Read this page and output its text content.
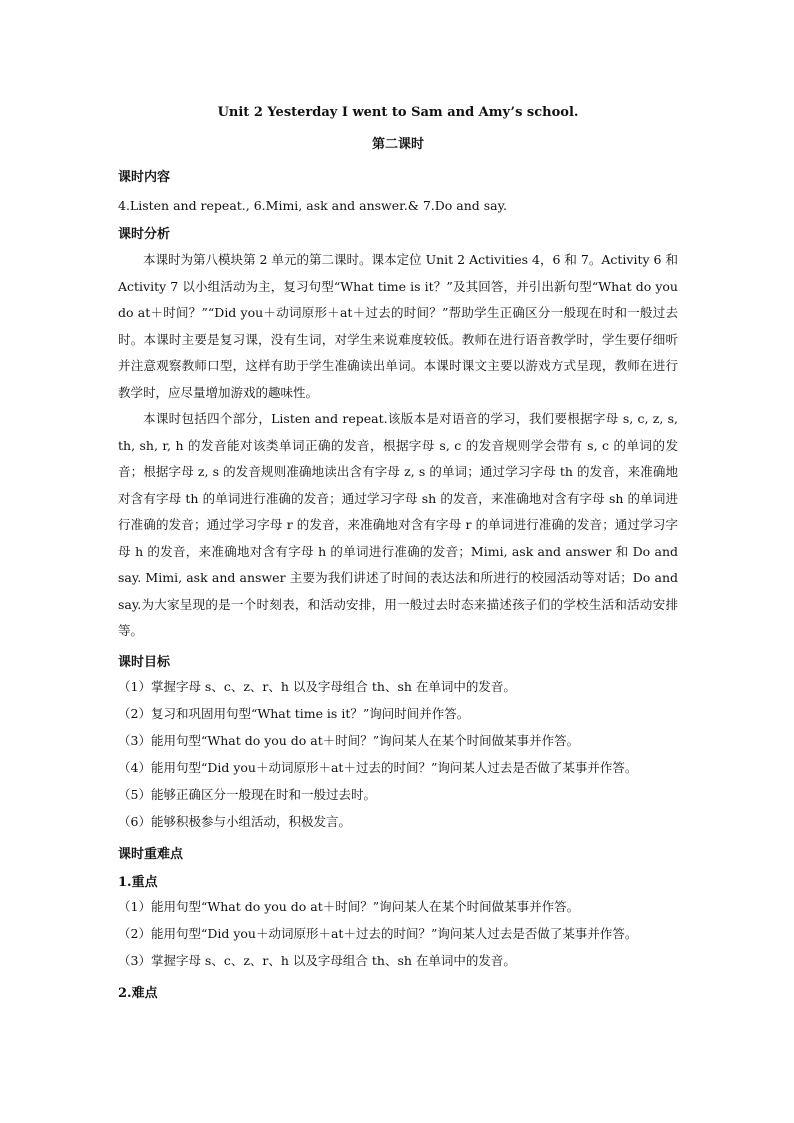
Unit 2 Yesterday I went to Sam and Amy’s school.
第二课时
课时内容
4.Listen and repeat., 6.Mimi, ask and answer.& 7.Do and say.
课时分析

本课时为第八模块第 2 单元的第二课时。课本定位 Unit 2 Activities 4，6 和 7。Activity 6 和 Activity 7 以小组活动为主，复习句型“What time is it？”及其回答，并引出新句型“What do you do at＋时间？”“Did you＋动词原形＋at＋过去的时间？”帮助学生正确区分一般现在时和一般过去时。本课时主要是复习课，没有生词，对学生来说难度较低。教师在进行语音教学时，学生要仔细听并注意观察教师口型，这样有助于学生准确读出单词。本课时课文主要以游戏方式呈现，教师在进行教学时，应尽量增加游戏的趣味性。

本课时包括四个部分，Listen and repeat.该版本是对语音的学习，我们要根据字母 s, c, z, s, th, sh, r, h 的发音能对该类单词正确的发音，根据字母 s, c 的发音规则学会带有 s, c 的单词的发音；根据字母 z, s 的发音规则准确地读出含有字母 z, s 的单词；通过学习字母 th 的发音，来准确地对含有字母 th 的单词进行准确的发音；通过学习字母 sh 的发音，来准确地对含有字母 sh 的单词进行准确的发音；通过学习字母 r 的发音，来准确地对含有字母 r 的单词进行准确的发音；通过学习字母 h 的发音，来准确地对含有字母 h 的单词进行准确的发音；Mimi, ask and answer 和 Do and say. Mimi, ask and answer 主要为我们讲述了时间的表达法和所进行的校园活动等对话；Do and say.为大家呈现的是一个时刻表，和活动安排，用一般过去时态来描述孩子们的学校生活和活动安排等。

课时目标
（1）掌握字母 s、c、z、r、h 以及字母组合 th、sh 在单词中的发音。
（2）复习和巩固用句型“What time is it？”询问时间并作答。
（3）能用句型“What do you do at＋时间？”询问某人在某个时间做某事并作答。
（4）能用句型“Did you＋动词原形＋at＋过去的时间？”询问某人过去是否做了某事并作答。
（5）能够正确区分一般现在时和一般过去时。
（6）能够积极参与小组活动，积极发言。
课时重难点
1.重点
（1）能用句型“What do you do at＋时间？”询问某人在某个时间做某事并作答。
（2）能用句型“Did you＋动词原形＋at＋过去的时间？”询问某人过去是否做了某事并作答。
（3）掌握字母 s、c、z、r、h 以及字母组合 th、sh 在单词中的发音。
2.难点
